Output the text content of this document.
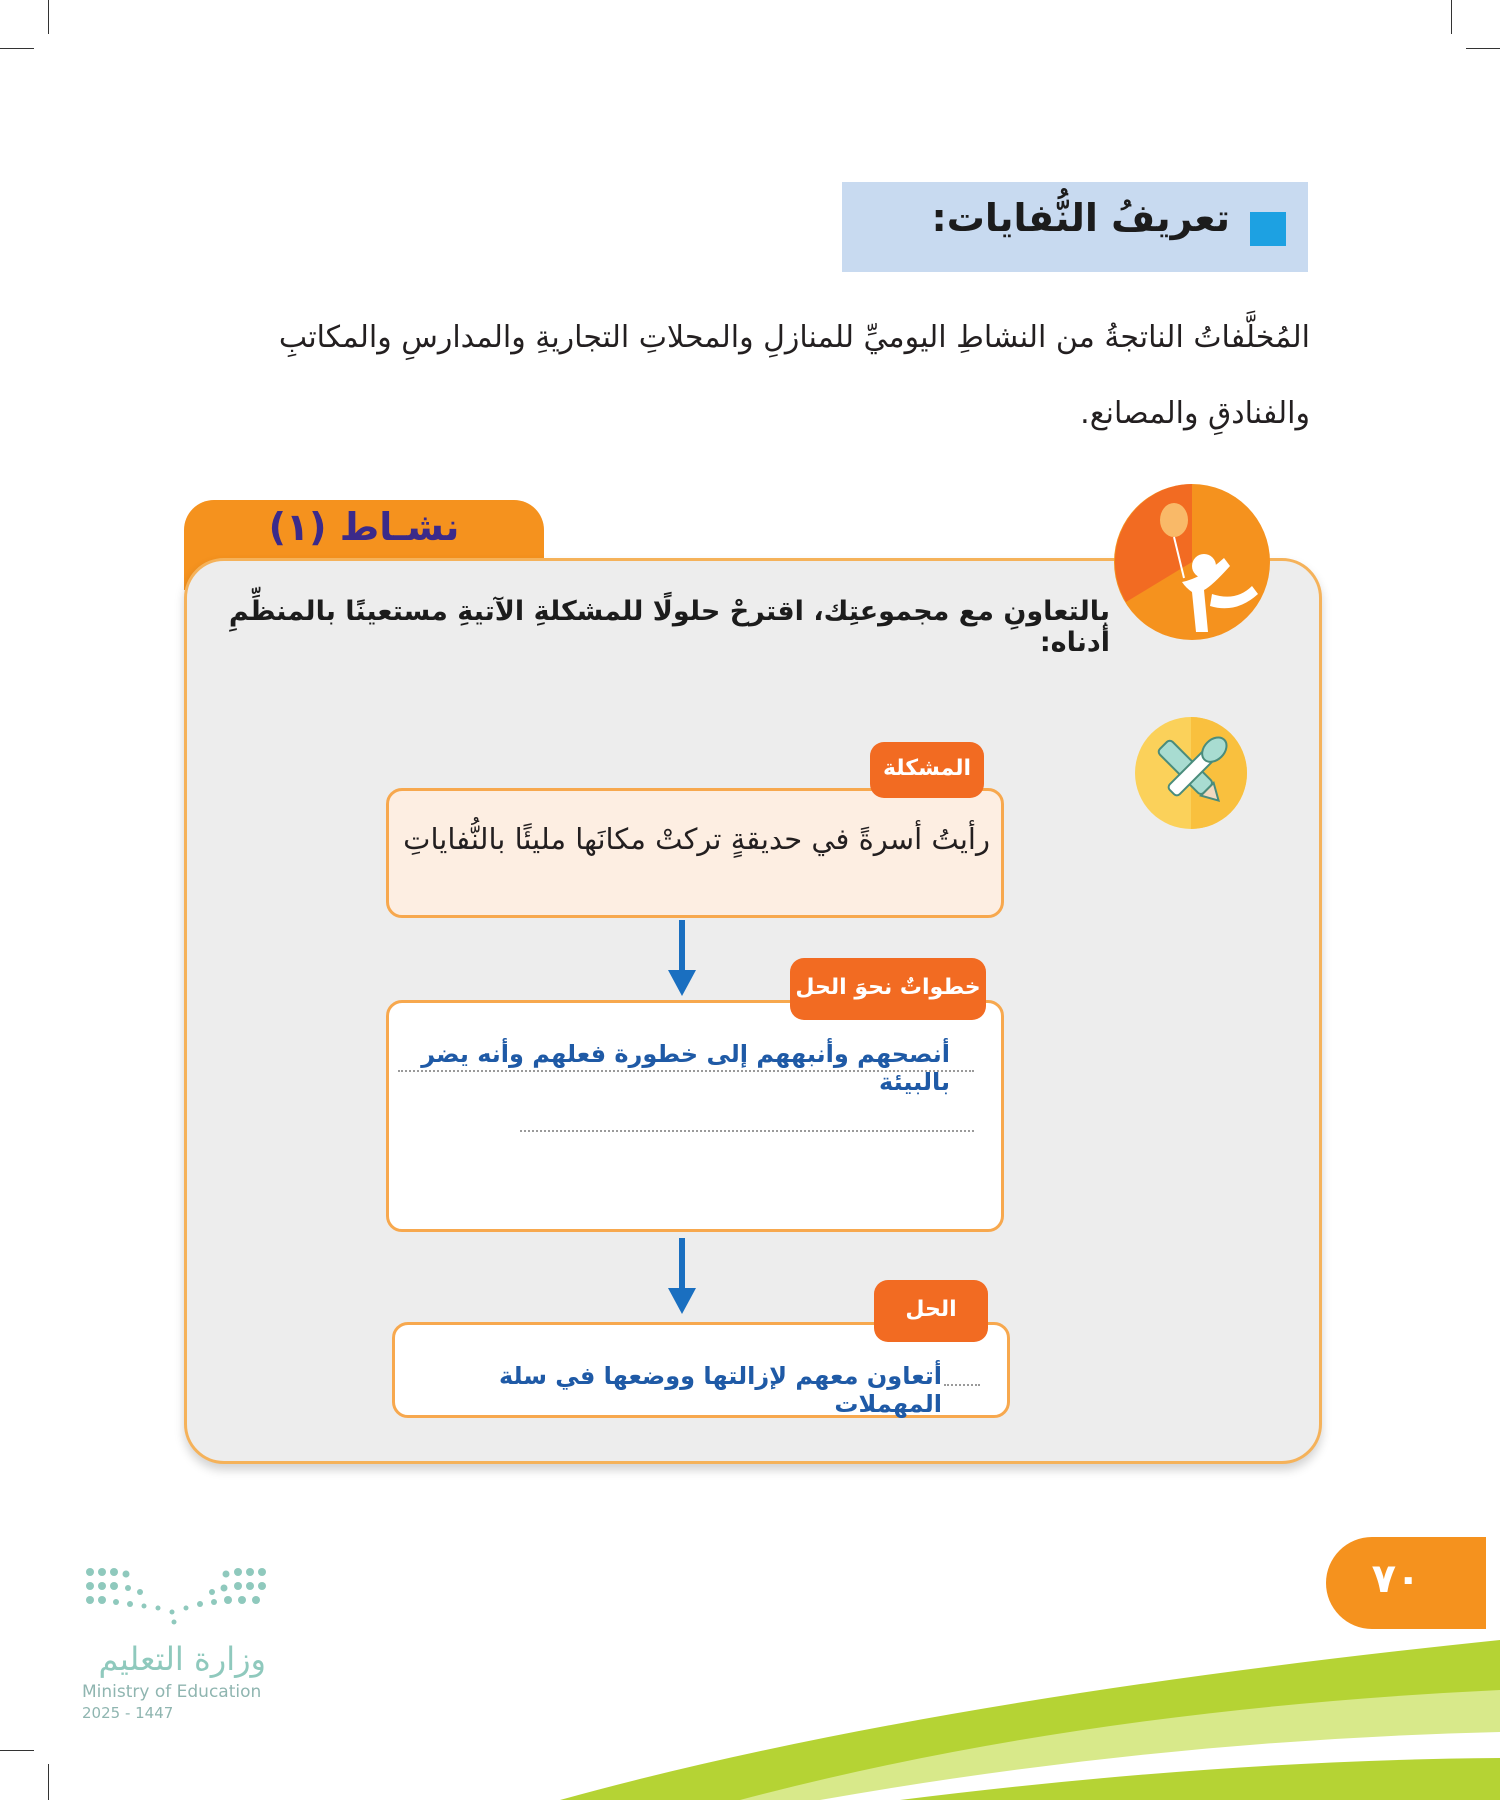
تعريفُ النُّفايات:
المُخلَّفاتُ الناتجةُ من النشاطِ اليوميِّ للمنازلِ والمحلاتِ التجاريةِ والمدارسِ والمكاتبِ والفنادقِ والمصانع.
نشـاط (١)
بالتعاونِ مع مجموعتِك، اقترحْ حلولًا للمشكلةِ الآتيةِ مستعينًا بالمنظِّمِ أدناه:
المشكلة
رأيتُ أسرةً في حديقةٍ تركتْ مكانَها مليئًا بالنُّفاياتِ
خطواتٌ نحوَ الحل
أنصحهم وأنبههم إلى خطورة فعلهم وأنه يضر بالبيئة
الحل
أتعاون معهم لإزالتها ووضعها في سلة المهملات
٧٠
وزارة التعليم
Ministry of Education
2025 - 1447
